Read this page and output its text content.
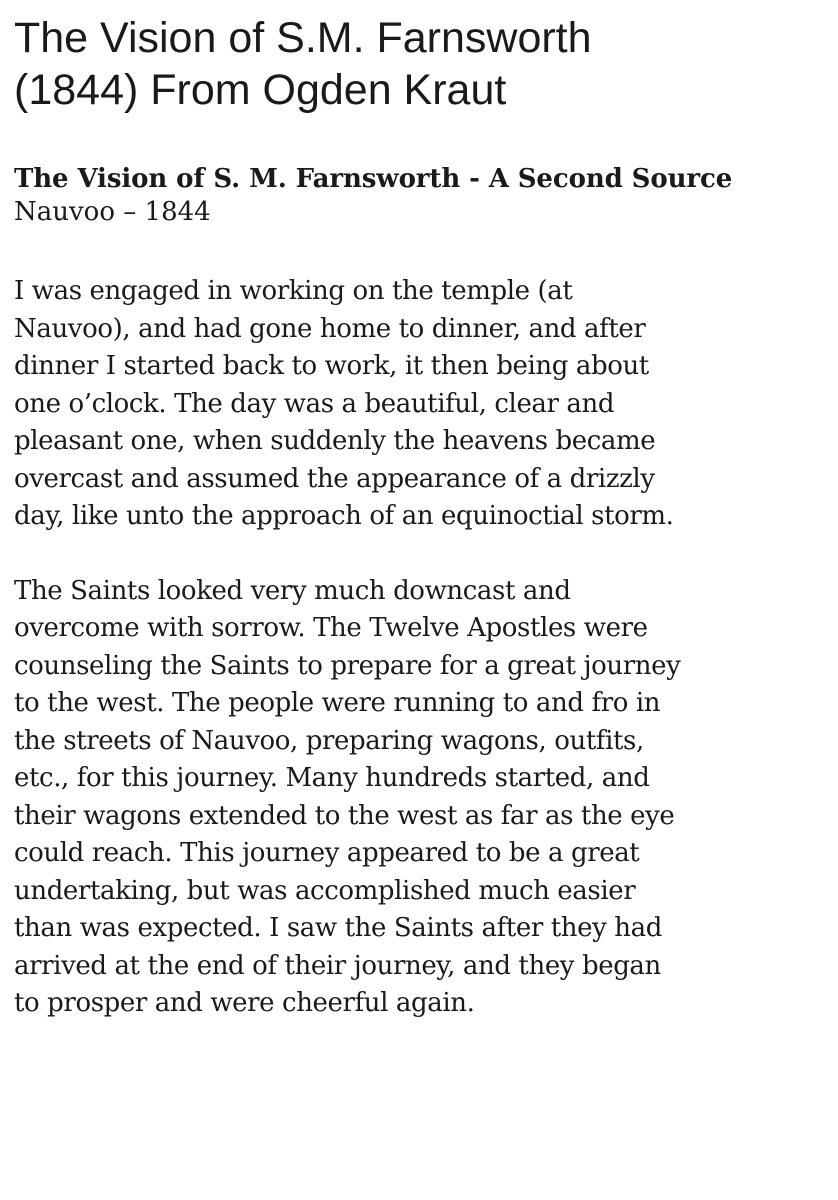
The Vision of S.M. Farnsworth
(1844) From Ogden Kraut
The Vision of S. M. Farnsworth - A Second Source
Nauvoo – 1844
I was engaged in working on the temple (at
Nauvoo), and had gone home to dinner, and after
dinner I started back to work, it then being about
one o’clock. The day was a beautiful, clear and
pleasant one, when suddenly the heavens became
overcast and assumed the appearance of a drizzly
day, like unto the approach of an equinoctial storm.
The Saints looked very much downcast and
overcome with sorrow. The Twelve Apostles were
counseling the Saints to prepare for a great journey
to the west. The people were running to and fro in
the streets of Nauvoo, preparing wagons, outfits,
etc., for this journey. Many hundreds started, and
their wagons extended to the west as far as the eye
could reach. This journey appeared to be a great
undertaking, but was accomplished much easier
than was expected. I saw the Saints after they had
arrived at the end of their journey, and they began
to prosper and were cheerful again.
